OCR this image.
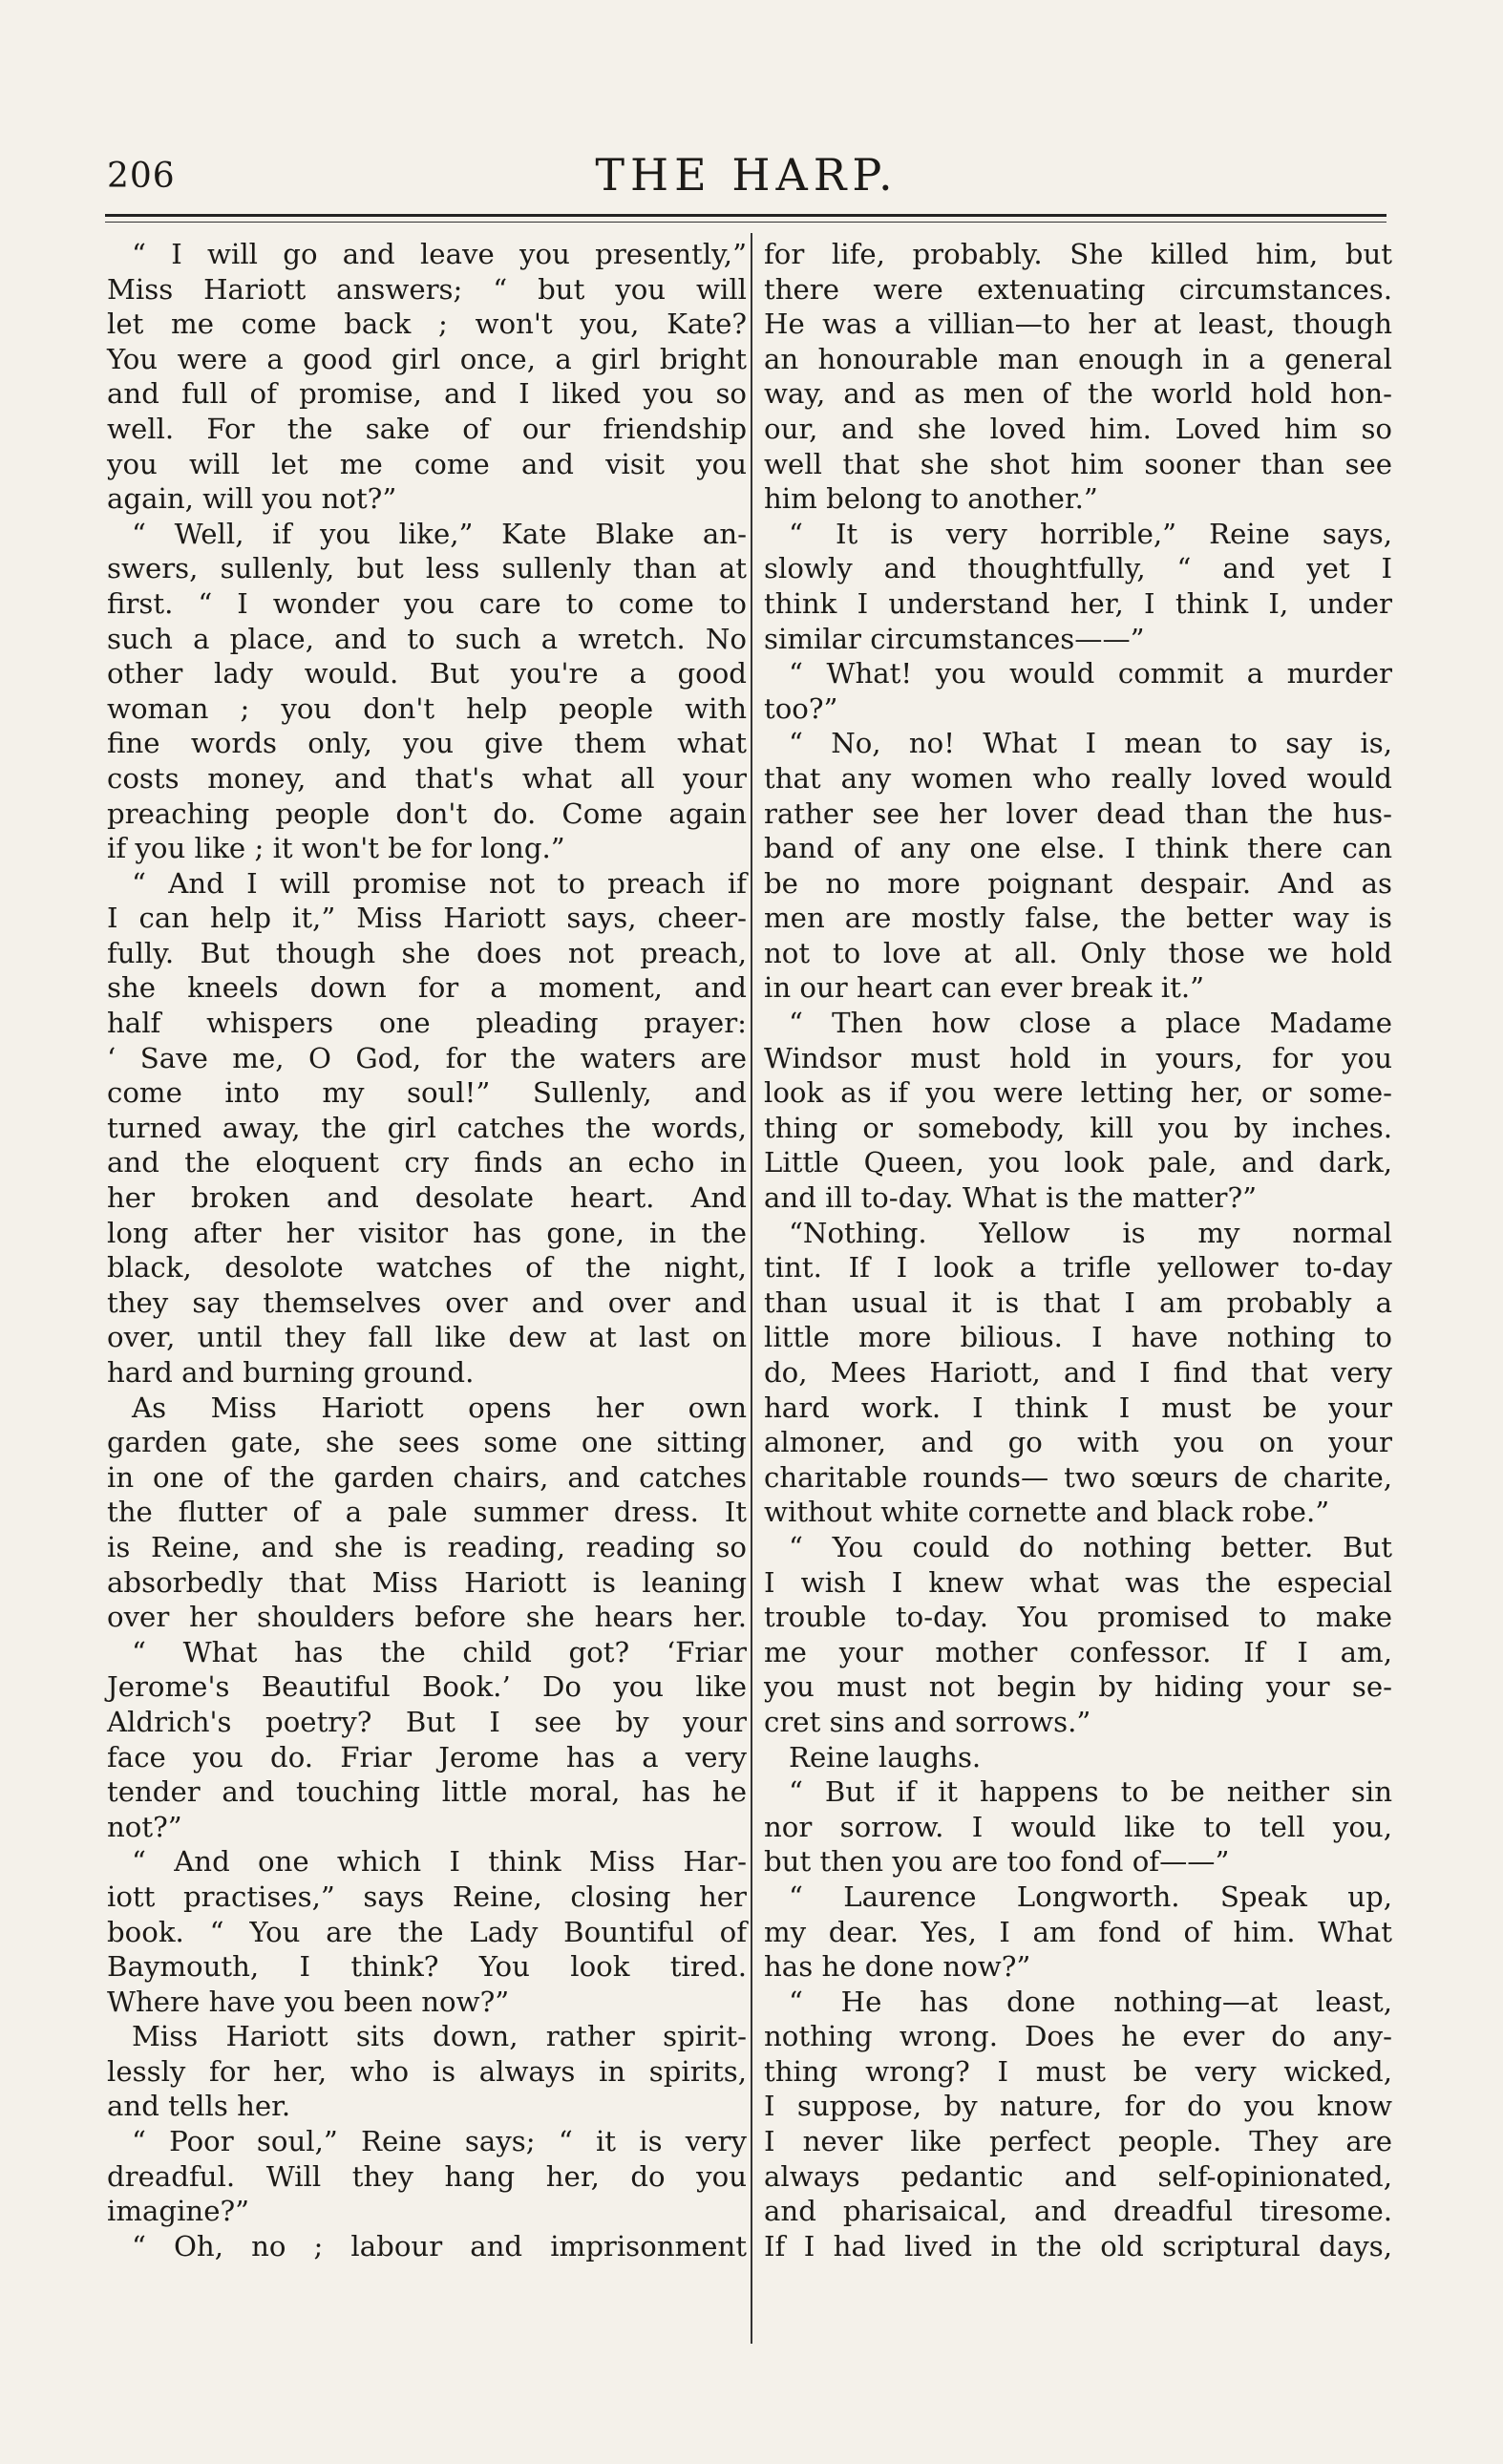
206	THE HARP.
“ I will go and leave you presently,”
Miss Hariott answers; “ but you will
let me come back ; won't you, Kate?
You were a good girl once, a girl bright
and full of promise, and I liked you so
well. For the sake of our friendship
you will let me come and visit you
again, will you not?”
“ Well, if you like,” Kate Blake an-
swers, sullenly, but less sullenly than at
first. “ I wonder you care to come to
such a place, and to such a wretch. No
other lady would. But you're a good
woman ; you don't help people with
fine words only, you give them what
costs money, and that's what all your
preaching people don't do. Come again
if you like ; it won't be for long.”
“ And I will promise not to preach if
I can help it,” Miss Hariott says, cheer-
fully. But though she does not preach,
she kneels down for a moment, and
half whispers one pleading prayer:
‘ Save me, O God, for the waters are
come into my soul!” Sullenly, and
turned away, the girl catches the words,
and the eloquent cry finds an echo in
her broken and desolate heart. And
long after her visitor has gone, in the
black, desolote watches of the night,
they say themselves over and over and
over, until they fall like dew at last on
hard and burning ground.
As Miss Hariott opens her own
garden gate, she sees some one sitting
in one of the garden chairs, and catches
the flutter of a pale summer dress. It
is Reine, and she is reading, reading so
absorbedly that Miss Hariott is leaning
over her shoulders before she hears her.
“ What has the child got? ‘Friar
Jerome's Beautiful Book.’ Do you like
Aldrich's poetry? But I see by your
face you do. Friar Jerome has a very
tender and touching little moral, has he
not?”
“ And one which I think Miss Har-
iott practises,” says Reine, closing her
book. “ You are the Lady Bountiful of
Baymouth, I think? You look tired.
Where have you been now?”
Miss Hariott sits down, rather spirit-
lessly for her, who is always in spirits,
and tells her.
“ Poor soul,” Reine says; “ it is very
dreadful. Will they hang her, do you
imagine?”
“ Oh, no ; labour and imprisonment
for life, probably. She killed him, but
there were extenuating circumstances.
He was a villian—to her at least, though
an honourable man enough in a general
way, and as men of the world hold hon-
our, and she loved him. Loved him so
well that she shot him sooner than see
him belong to another.”
“ It is very horrible,” Reine says,
slowly and thoughtfully, “ and yet I
think I understand her, I think I, under
similar circumstances——”
“ What! you would commit a murder
too?”
“ No, no! What I mean to say is,
that any women who really loved would
rather see her lover dead than the hus-
band of any one else. I think there can
be no more poignant despair. And as
men are mostly false, the better way is
not to love at all. Only those we hold
in our heart can ever break it.”
“ Then how close a place Madame
Windsor must hold in yours, for you
look as if you were letting her, or some-
thing or somebody, kill you by inches.
Little Queen, you look pale, and dark,
and ill to-day. What is the matter?”
“Nothing. Yellow is my normal
tint. If I look a trifle yellower to-day
than usual it is that I am probably a
little more bilious. I have nothing to
do, Mees Hariott, and I find that very
hard work. I think I must be your
almoner, and go with you on your
charitable rounds— two sœurs de charite,
without white cornette and black robe.”
“ You could do nothing better. But
I wish I knew what was the especial
trouble to-day. You promised to make
me your mother confessor. If I am,
you must not begin by hiding your se-
cret sins and sorrows.”
Reine laughs.
“ But if it happens to be neither sin
nor sorrow. I would like to tell you,
but then you are too fond of——”
“ Laurence Longworth. Speak up,
my dear. Yes, I am fond of him. What
has he done now?”
“ He has done nothing—at least,
nothing wrong. Does he ever do any-
thing wrong? I must be very wicked,
I suppose, by nature, for do you know
I never like perfect people. They are
always pedantic and self-opinionated,
and pharisaical, and dreadful tiresome.
If I had lived in the old scriptural days,
